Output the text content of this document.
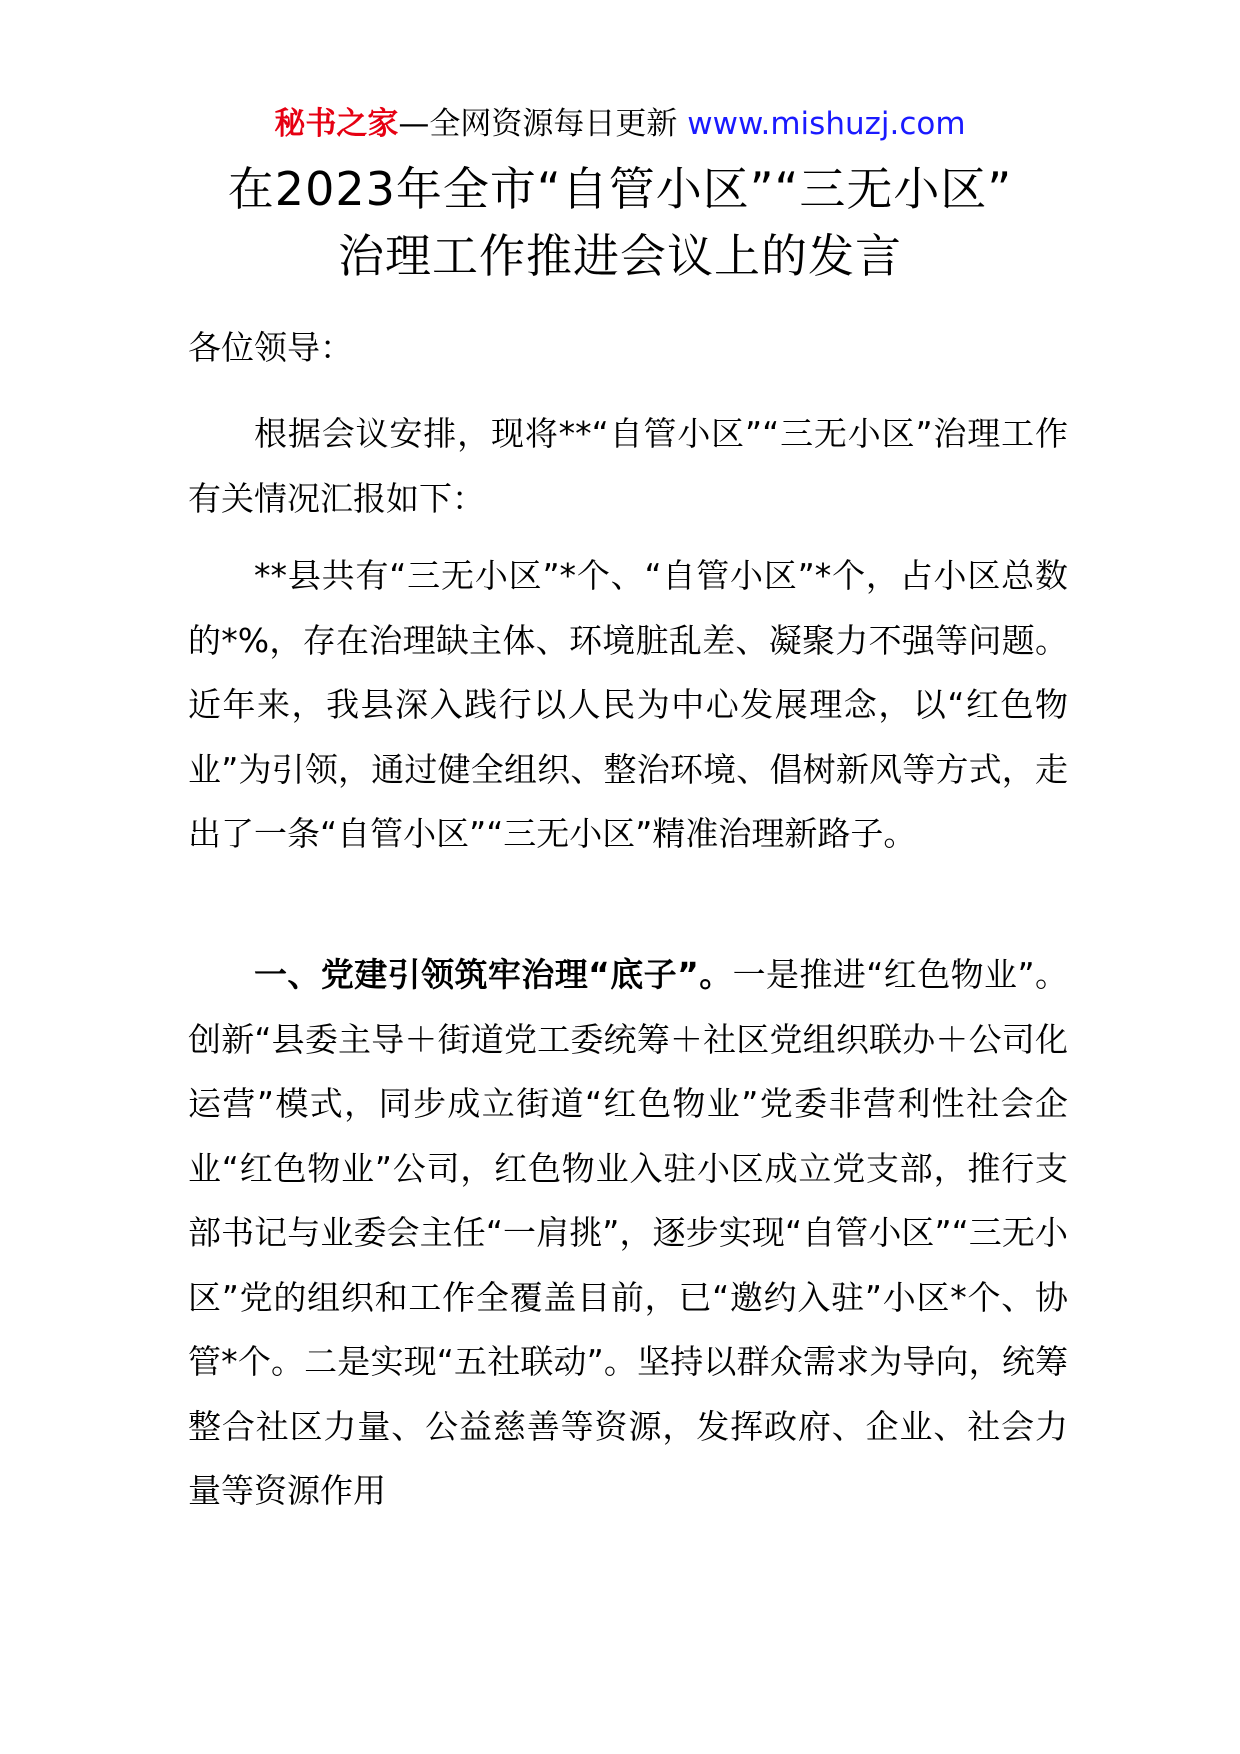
秘书之家—全网资源每日更新 www.mishuzj.com
在2023年全市“自管小区”“三无小区”
治理工作推进会议上的发言
各位领导：

根据会议安排，现将**“自管小区”“三无小区”治理工作有关情况汇报如下：

**县共有“三无小区”*个、“自管小区”*个，占小区总数的*%，存在治理缺主体、环境脏乱差、凝聚力不强等问题。近年来，我县深入践行以人民为中心发展理念，以“红色物业”为引领，通过健全组织、整治环境、倡树新风等方式，走出了一条“自管小区”“三无小区”精准治理新路子。

一、党建引领筑牢治理“底子”。一是推进“红色物业”。创新“县委主导＋街道党工委统筹＋社区党组织联办＋公司化运营”模式，同步成立街道“红色物业”党委非营利性社会企业“红色物业”公司，红色物业入驻小区成立党支部，推行支部书记与业委会主任“一肩挑”，逐步实现“自管小区”“三无小区”党的组织和工作全覆盖目前，已“邀约入驻”小区*个、协管*个。二是实现“五社联动”。坚持以群众需求为导向，统筹整合社区力量、公益慈善等资源，发挥政府、企业、社会力量等资源作用
